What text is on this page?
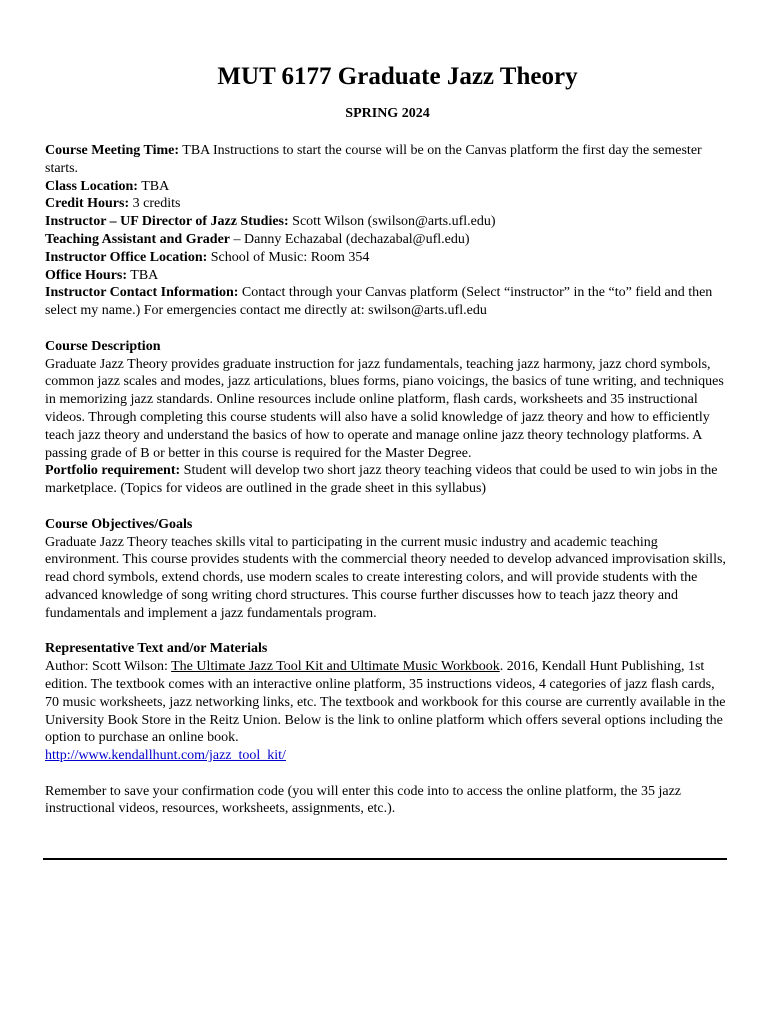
MUT 6177 Graduate Jazz Theory
SPRING 2024
Course Meeting Time: TBA Instructions to start the course will be on the Canvas platform the first day the semester starts.
Class Location: TBA
Credit Hours: 3 credits
Instructor – UF Director of Jazz Studies: Scott Wilson (swilson@arts.ufl.edu)
Teaching Assistant and Grader – Danny Echazabal (dechazabal@ufl.edu)
Instructor Office Location: School of Music: Room 354
Office Hours: TBA
Instructor Contact Information: Contact through your Canvas platform (Select “instructor” in the “to” field and then select my name.) For emergencies contact me directly at: swilson@arts.ufl.edu
Course Description
Graduate Jazz Theory provides graduate instruction for jazz fundamentals, teaching jazz harmony, jazz chord symbols, common jazz scales and modes, jazz articulations, blues forms, piano voicings, the basics of tune writing, and techniques in memorizing jazz standards. Online resources include online platform, flash cards, worksheets and 35 instructional videos. Through completing this course students will also have a solid knowledge of jazz theory and how to efficiently teach jazz theory and understand the basics of how to operate and manage online jazz theory technology platforms. A passing grade of B or better in this course is required for the Master Degree.
Portfolio requirement: Student will develop two short jazz theory teaching videos that could be used to win jobs in the marketplace. (Topics for videos are outlined in the grade sheet in this syllabus)
Course Objectives/Goals
Graduate Jazz Theory teaches skills vital to participating in the current music industry and academic teaching environment. This course provides students with the commercial theory needed to develop advanced improvisation skills, read chord symbols, extend chords, use modern scales to create interesting colors, and will provide students with the advanced knowledge of song writing chord structures. This course further discusses how to teach jazz theory and fundamentals and implement a jazz fundamentals program.
Representative Text and/or Materials
Author: Scott Wilson: The Ultimate Jazz Tool Kit and Ultimate Music Workbook. 2016, Kendall Hunt Publishing, 1st edition. The textbook comes with an interactive online platform, 35 instructions videos, 4 categories of jazz flash cards, 70 music worksheets, jazz networking links, etc. The textbook and workbook for this course are currently available in the University Book Store in the Reitz Union. Below is the link to online platform which offers several options including the option to purchase an online book.
http://www.kendallhunt.com/jazz_tool_kit/
Remember to save your confirmation code (you will enter this code into to access the online platform, the 35 jazz instructional videos, resources, worksheets, assignments, etc.).
